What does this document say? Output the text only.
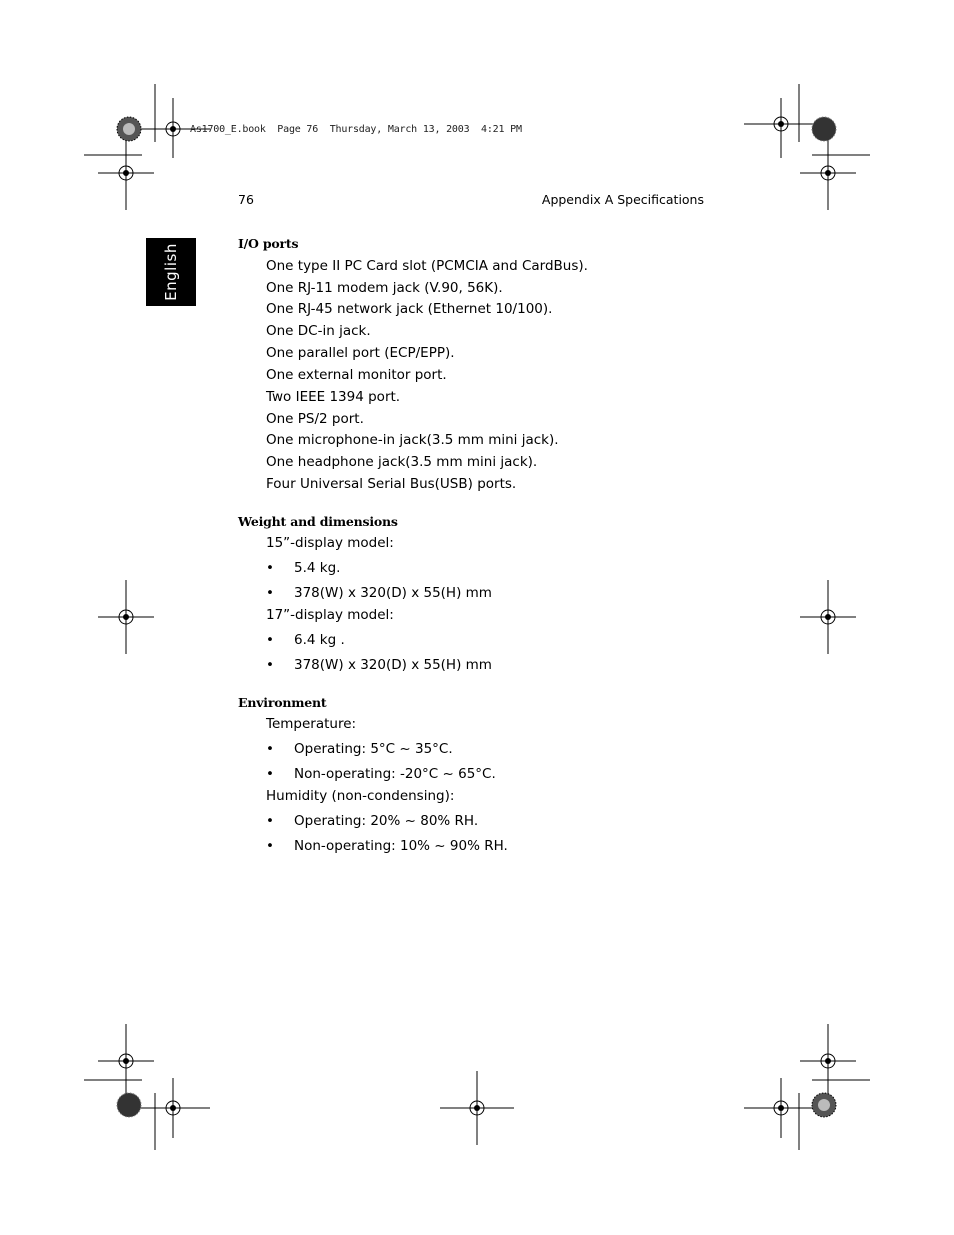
As1700_E.book  Page 76  Thursday, March 13, 2003  4:21 PM
76	Appendix A Specifications
English	I/O ports
One type II PC Card slot (PCMCIA and CardBus).
One RJ-11 modem jack (V.90, 56K).
One RJ-45 network jack (Ethernet 10/100).
One DC-in jack.
One parallel port (ECP/EPP).
One external monitor port.
Two IEEE 1394 port.
One PS/2 port.
One microphone-in jack(3.5 mm mini jack).
One headphone jack(3.5 mm mini jack).
Four Universal Serial Bus(USB) ports.
Weight and dimensions
15”-display model:
• 5.4 kg.
• 378(W) x 320(D) x 55(H) mm
17”-display model:
• 6.4 kg .
• 378(W) x 320(D) x 55(H) mm
Environment
Temperature:
• Operating: 5°C ~ 35°C.
• Non-operating: -20°C ~ 65°C.
Humidity (non-condensing):
• Operating: 20% ~ 80% RH.
• Non-operating: 10% ~ 90% RH.
